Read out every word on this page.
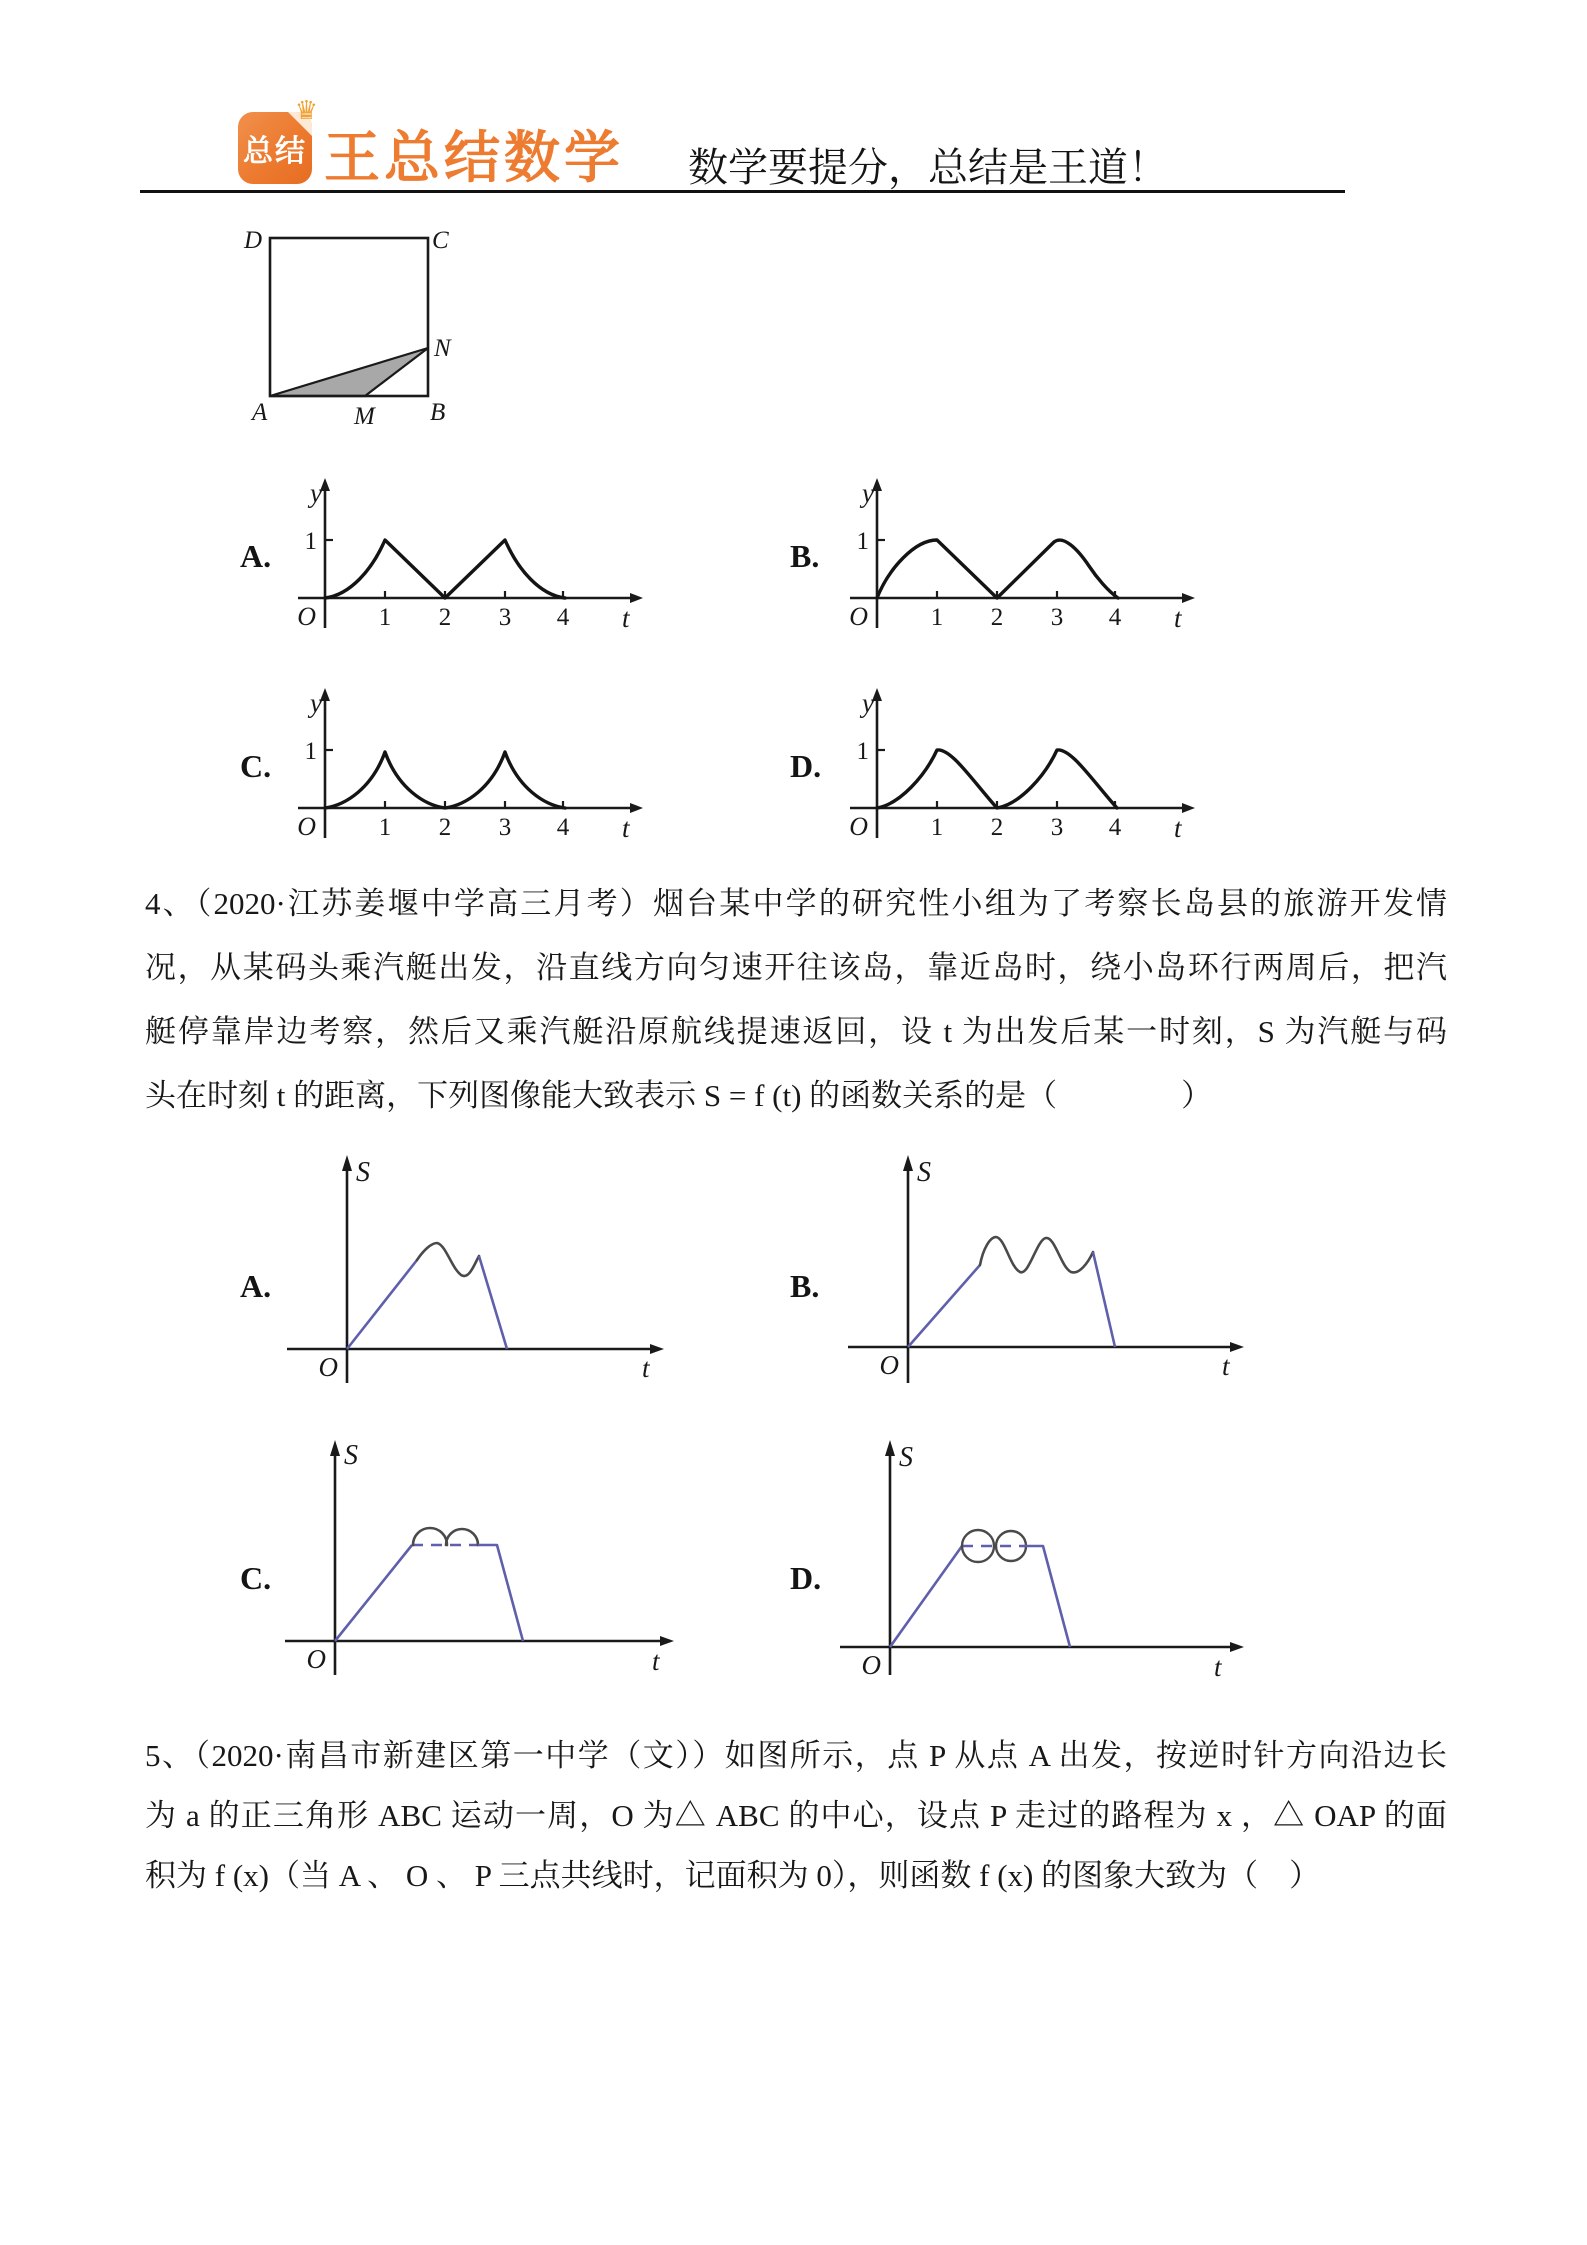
♛
总结 王总结数学 数学要提分，总结是王道！
D	C
N
A	M B
A.
y
1
O	1 2 3 4 t
B.
y
1
O	1 2 3 4 t
C.
y
1
O	1 2 3 4 t
D.
y
1
O	1 2 3 4 t
4、（2020·江苏姜堰中学高三月考）烟台某中学的研究性小组为了考察长岛县的旅游开发情
况，从某码头乘汽艇出发，沿直线方向匀速开往该岛，靠近岛时，绕小岛环行两周后，把汽
艇停靠岸边考察，然后又乘汽艇沿原航线提速返回，设 t 为出发后某一时刻，S 为汽艇与码
头在时刻 t 的距离，下列图像能大致表示 S = f (t) 的函数关系的是（　　　　）
A.
S
O	t
B.
S
O	t
C.
S
O	t
D.
S
O	t
5、（2020·南昌市新建区第一中学（文））如图所示，点 P 从点 A 出发，按逆时针方向沿边长
为 a 的正三角形 ABC 运动一周，O 为△ ABC 的中心，设点 P 走过的路程为 x ，△ OAP 的面
积为 f (x)（当 A 、 O 、 P 三点共线时，记面积为 0），则函数 f (x) 的图象大致为（　）
